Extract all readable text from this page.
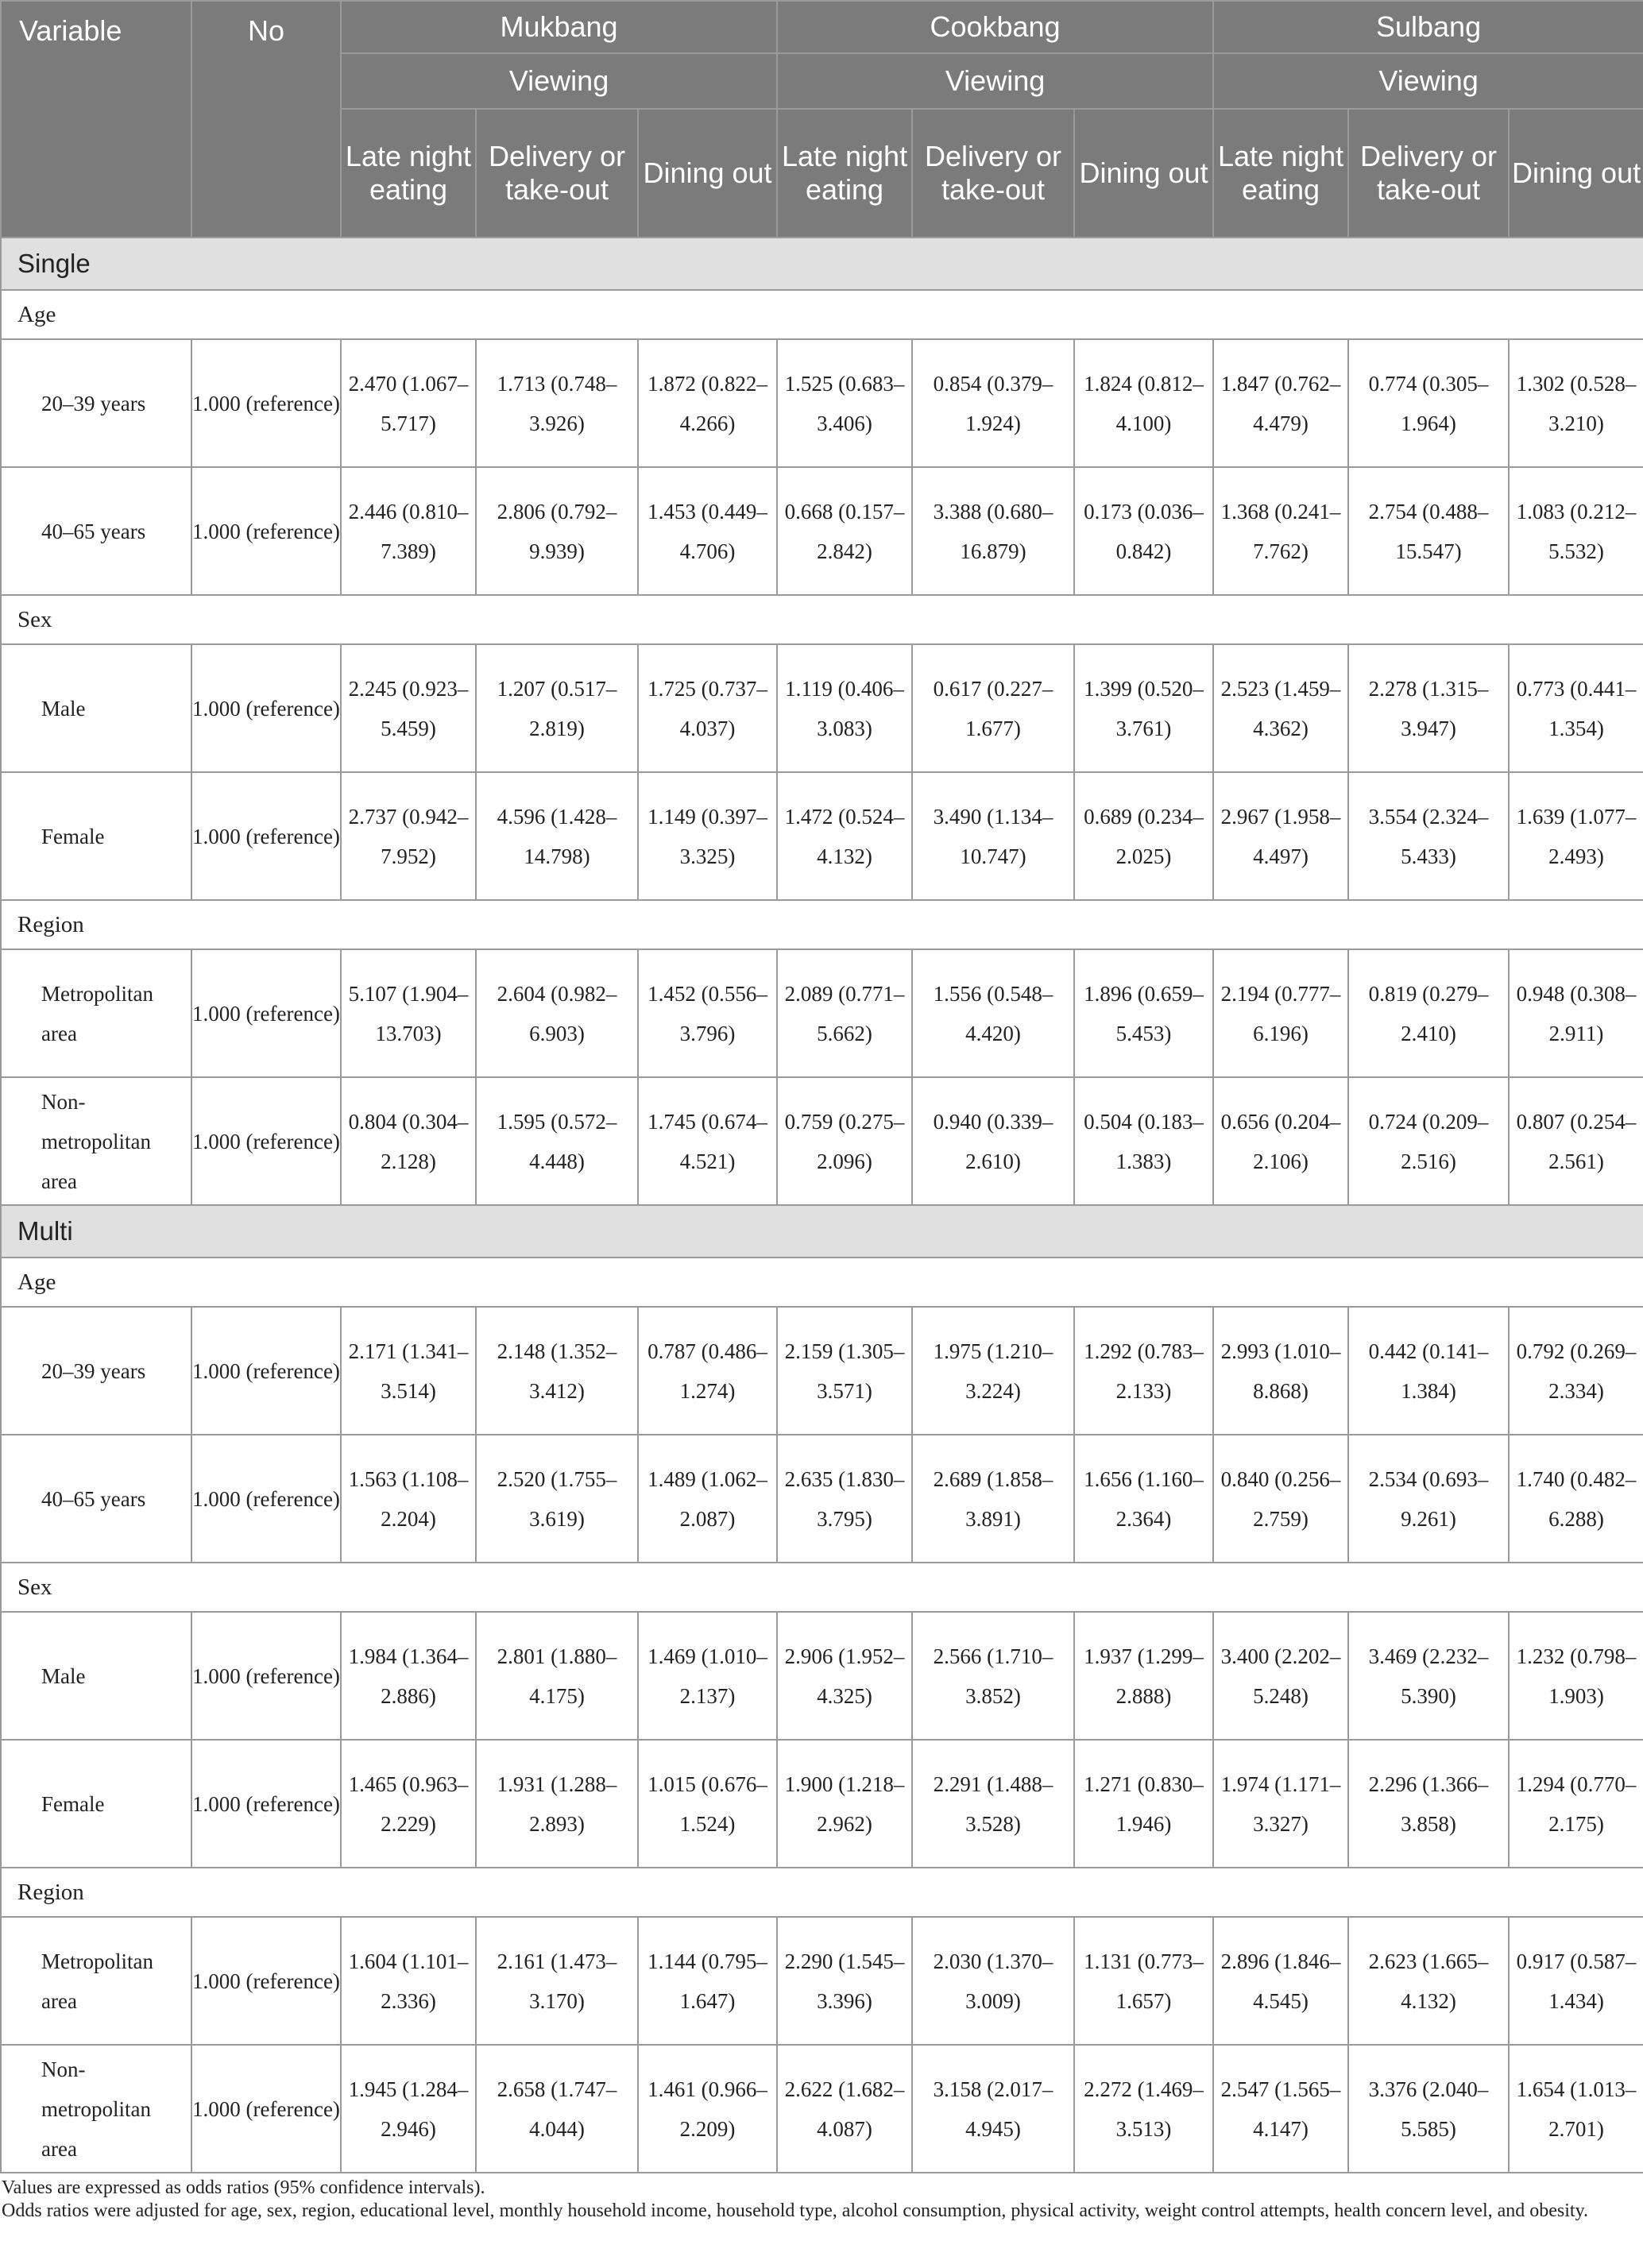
Variable	No	Mukbang			Cookbang			Sulbang		
		Viewing			Viewing			Viewing		
		Late night eating	Delivery or take-out	Dining out	Late night eating	Delivery or take-out	Dining out	Late night eating	Delivery or take-out	Dining out
Single										
Age										
20–39 years	1.000 (reference)	2.470 (1.067–5.717)	1.713 (0.748–3.926)	1.872 (0.822–4.266)	1.525 (0.683–3.406)	0.854 (0.379–1.924)	1.824 (0.812–4.100)	1.847 (0.762–4.479)	0.774 (0.305–1.964)	1.302 (0.528–3.210)
40–65 years	1.000 (reference)	2.446 (0.810–7.389)	2.806 (0.792–9.939)	1.453 (0.449–4.706)	0.668 (0.157–2.842)	3.388 (0.680–16.879)	0.173 (0.036–0.842)	1.368 (0.241–7.762)	2.754 (0.488–15.547)	1.083 (0.212–5.532)
Sex										
Male	1.000 (reference)	2.245 (0.923–5.459)	1.207 (0.517–2.819)	1.725 (0.737–4.037)	1.119 (0.406–3.083)	0.617 (0.227–1.677)	1.399 (0.520–3.761)	2.523 (1.459–4.362)	2.278 (1.315–3.947)	0.773 (0.441–1.354)
Female	1.000 (reference)	2.737 (0.942–7.952)	4.596 (1.428–14.798)	1.149 (0.397–3.325)	1.472 (0.524–4.132)	3.490 (1.134–10.747)	0.689 (0.234–2.025)	2.967 (1.958–4.497)	3.554 (2.324–5.433)	1.639 (1.077–2.493)
Region										
Metropolitan area	1.000 (reference)	5.107 (1.904–13.703)	2.604 (0.982–6.903)	1.452 (0.556–3.796)	2.089 (0.771–5.662)	1.556 (0.548–4.420)	1.896 (0.659–5.453)	2.194 (0.777–6.196)	0.819 (0.279–2.410)	0.948 (0.308–2.911)
Non-metropolitan area	1.000 (reference)	0.804 (0.304–2.128)	1.595 (0.572–4.448)	1.745 (0.674–4.521)	0.759 (0.275–2.096)	0.940 (0.339–2.610)	0.504 (0.183–1.383)	0.656 (0.204–2.106)	0.724 (0.209–2.516)	0.807 (0.254–2.561)
Multi										
Age										
20–39 years	1.000 (reference)	2.171 (1.341–3.514)	2.148 (1.352–3.412)	0.787 (0.486–1.274)	2.159 (1.305–3.571)	1.975 (1.210–3.224)	1.292 (0.783–2.133)	2.993 (1.010–8.868)	0.442 (0.141–1.384)	0.792 (0.269–2.334)
40–65 years	1.000 (reference)	1.563 (1.108–2.204)	2.520 (1.755–3.619)	1.489 (1.062–2.087)	2.635 (1.830–3.795)	2.689 (1.858–3.891)	1.656 (1.160–2.364)	0.840 (0.256–2.759)	2.534 (0.693–9.261)	1.740 (0.482–6.288)
Sex										
Male	1.000 (reference)	1.984 (1.364–2.886)	2.801 (1.880–4.175)	1.469 (1.010–2.137)	2.906 (1.952–4.325)	2.566 (1.710–3.852)	1.937 (1.299–2.888)	3.400 (2.202–5.248)	3.469 (2.232–5.390)	1.232 (0.798–1.903)
Female	1.000 (reference)	1.465 (0.963–2.229)	1.931 (1.288–2.893)	1.015 (0.676–1.524)	1.900 (1.218–2.962)	2.291 (1.488–3.528)	1.271 (0.830–1.946)	1.974 (1.171–3.327)	2.296 (1.366–3.858)	1.294 (0.770–2.175)
Region										
Metropolitan area	1.000 (reference)	1.604 (1.101–2.336)	2.161 (1.473–3.170)	1.144 (0.795–1.647)	2.290 (1.545–3.396)	2.030 (1.370–3.009)	1.131 (0.773–1.657)	2.896 (1.846–4.545)	2.623 (1.665–4.132)	0.917 (0.587–1.434)
Non-metropolitan area	1.000 (reference)	1.945 (1.284–2.946)	2.658 (1.747–4.044)	1.461 (0.966–2.209)	2.622 (1.682–4.087)	3.158 (2.017–4.945)	2.272 (1.469–3.513)	2.547 (1.565–4.147)	3.376 (2.040–5.585)	1.654 (1.013–2.701)

Values are expressed as odds ratios (95% confidence intervals).

Odds ratios were adjusted for age, sex, region, educational level, monthly household income, household type, alcohol consumption, physical activity, weight control attempts, health concern level, and obesity.
